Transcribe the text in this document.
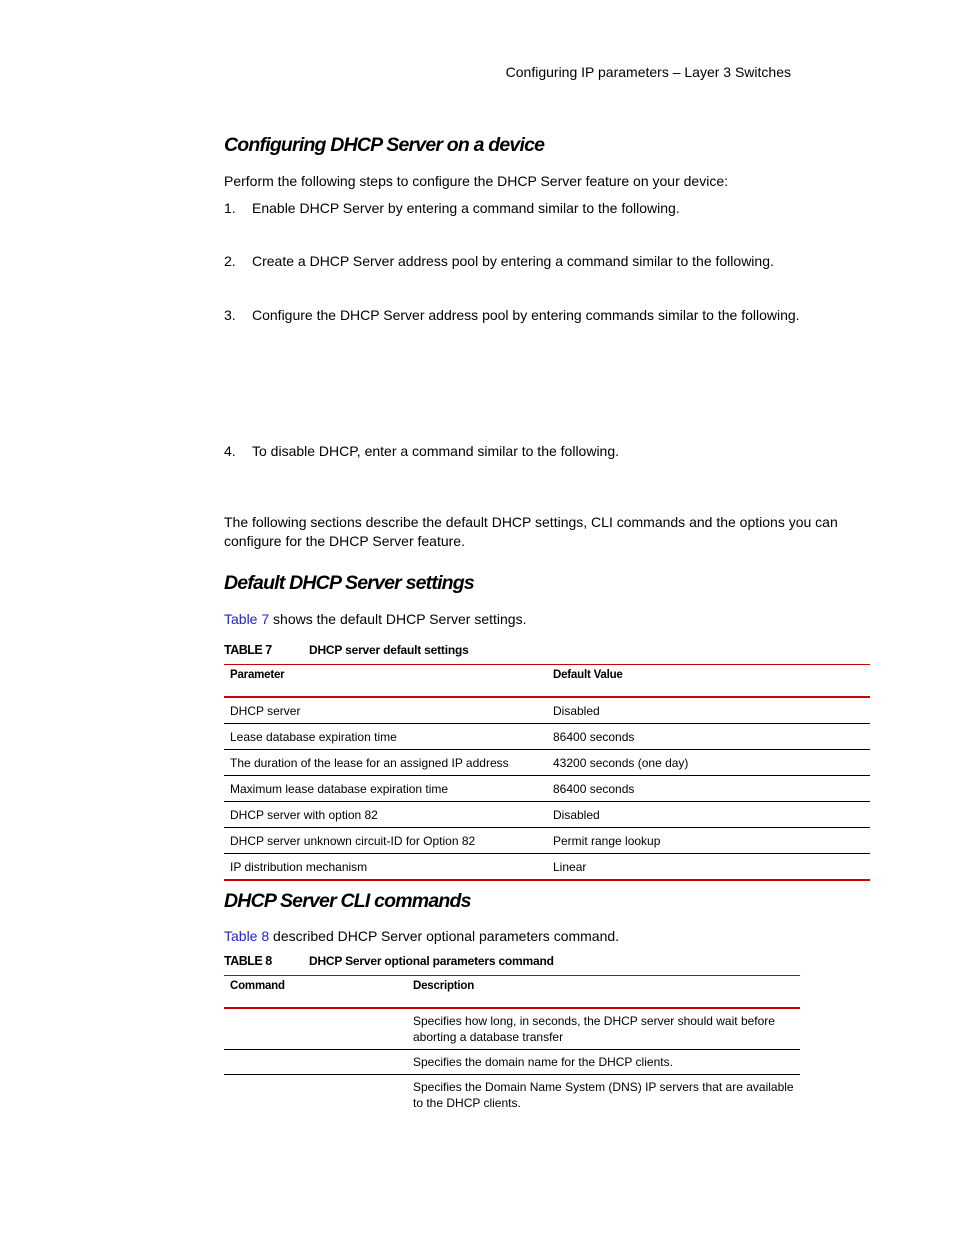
Configuring IP parameters – Layer 3 Switches
Configuring DHCP Server on a device
Perform the following steps to configure the DHCP Server feature on your device:
1. Enable DHCP Server by entering a command similar to the following.
2. Create a DHCP Server address pool by entering a command similar to the following.
3. Configure the DHCP Server address pool by entering commands similar to the following.
4. To disable DHCP, enter a command similar to the following.
The following sections describe the default DHCP settings, CLI commands and the options you can configure for the DHCP Server feature.
Default DHCP Server settings
Table 7 shows the default DHCP Server settings.
TABLE 7	DHCP server default settings
Parameter	Default Value
DHCP server	Disabled
Lease database expiration time	86400 seconds
The duration of the lease for an assigned IP address	43200 seconds (one day)
Maximum lease database expiration time	86400 seconds
DHCP server with option 82	Disabled
DHCP server unknown circuit-ID for Option 82	Permit range lookup
IP distribution mechanism	Linear
DHCP Server CLI commands
Table 8 described DHCP Server optional parameters command.
TABLE 8	DHCP Server optional parameters command
Command	Description
	Specifies how long, in seconds, the DHCP server should wait before aborting a database transfer
	Specifies the domain name for the DHCP clients.
	Specifies the Domain Name System (DNS) IP servers that are available to the DHCP clients.
